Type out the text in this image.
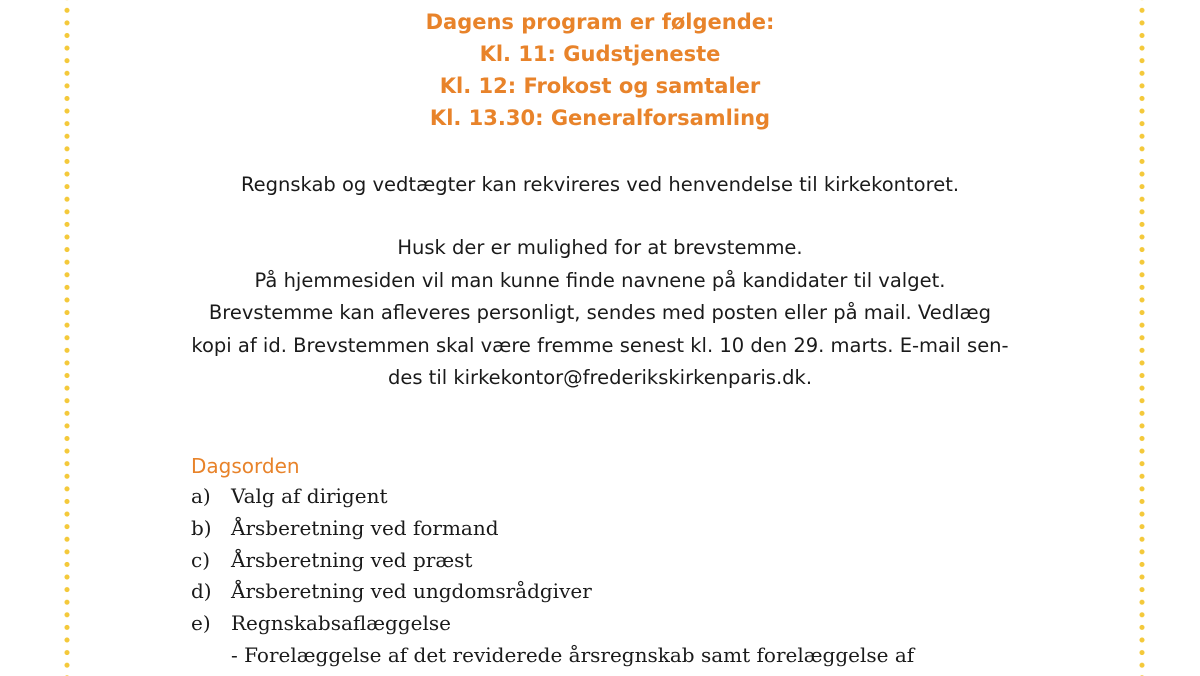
Dagens program er følgende:
Kl. 11: Gudstjeneste
Kl. 12: Frokost og samtaler
Kl. 13.30: Generalforsamling
Regnskab og vedtægter kan rekvireres ved henvendelse til kirkekontoret.
Husk der er mulighed for at brevstemme.
På hjemmesiden vil man kunne finde navnene på kandidater til valget.
Brevstemme kan afleveres personligt, sendes med posten eller på mail. Vedlæg
kopi af id. Brevstemmen skal være fremme senest kl. 10 den 29. marts. E-mail sen-
des til kirkekontor@frederikskirkenparis.dk.
Dagsorden
a) Valg af dirigent
b) Årsberetning ved formand
c) Årsberetning ved præst
d) Årsberetning ved ungdomsrådgiver
e) Regnskabsaflæggelse
- Forelæggelse af det reviderede årsregnskab samt forelæggelse af
